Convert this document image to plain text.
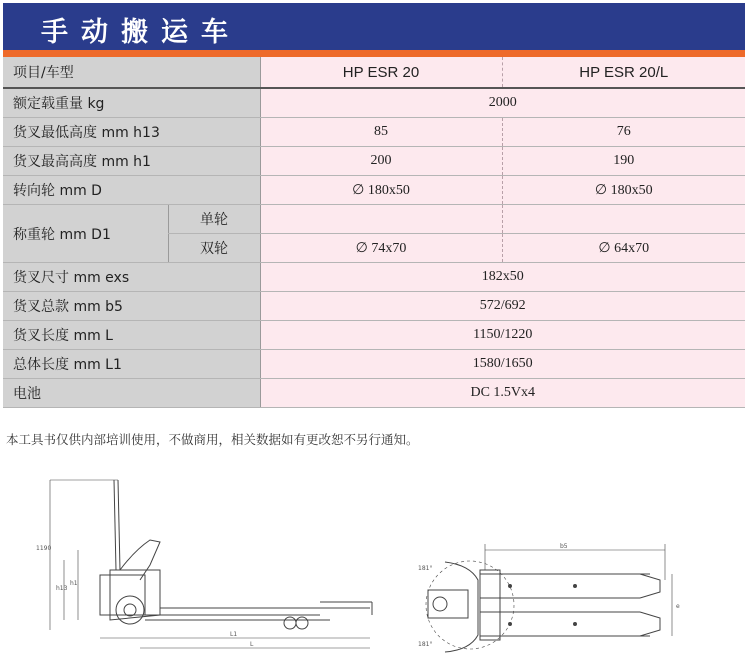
手动搬运车
项目/车型		HP ESR 20	HP ESR 20/L
额定载重量 kg		2000	
货叉最低高度 mm h13		85	76
货叉最高高度 mm h1		200	190
转向轮 mm D		∅ 180x50	∅ 180x50
称重轮 mm D1	单轮		
	双轮	∅ 74x70	∅ 64x70
货叉尺寸 mm exs		182x50	
货叉总款 mm b5		572/692	
货叉长度 mm L		1150/1220	
总体长度 mm L1		1580/1650	
电池		DC 1.5Vx4	
本工具书仅供内部培训使用，不做商用，相关数据如有更改恕不另行通知。
1190
h13
h1
L1
L
181°
181°
b5
e
